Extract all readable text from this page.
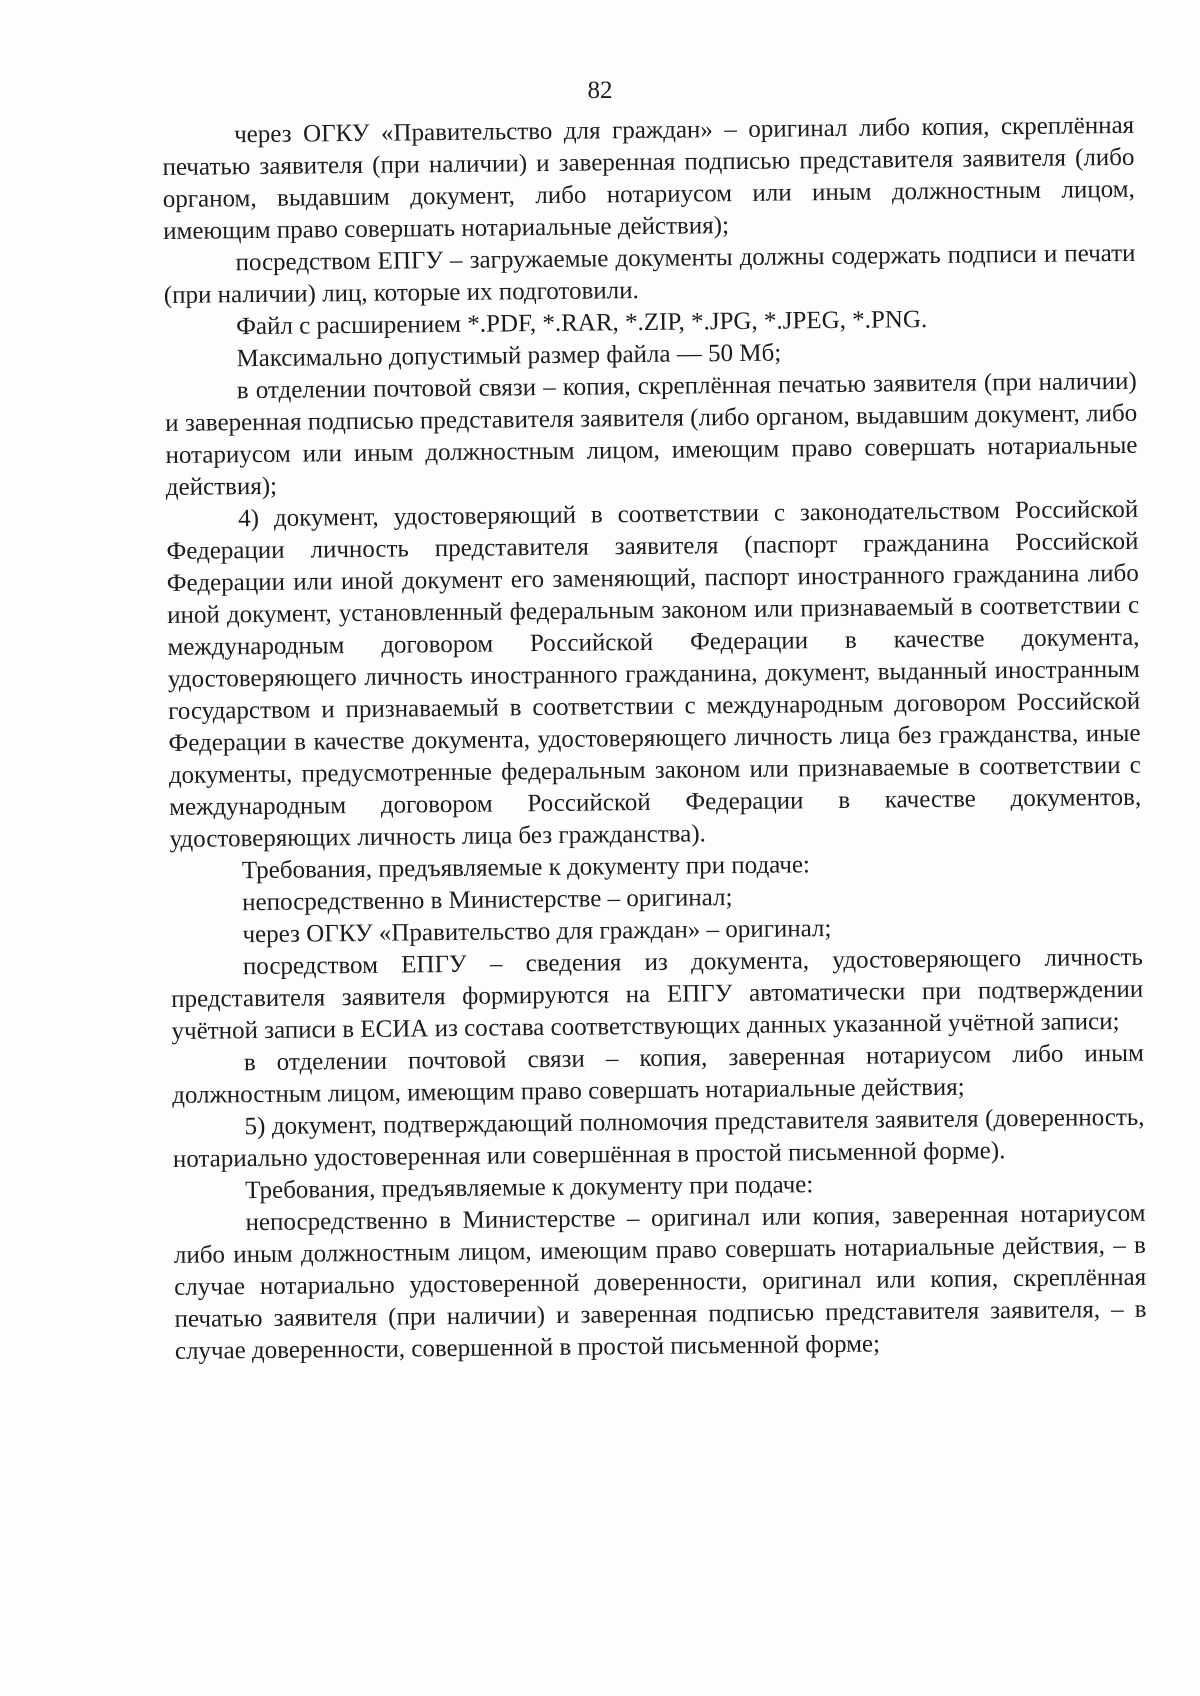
82

через ОГКУ «Правительство для граждан» – оригинал либо копия, скреплённая печатью заявителя (при наличии) и заверенная подписью представителя заявителя (либо органом, выдавшим документ, либо нотариусом или иным должностным лицом, имеющим право совершать нотариальные действия);

посредством ЕПГУ – загружаемые документы должны содержать подписи и печати (при наличии) лиц, которые их подготовили.

Файл с расширением *.PDF, *.RAR, *.ZIP, *.JPG, *.JPEG, *.PNG.

Максимально допустимый размер файла — 50 Мб;

в отделении почтовой связи – копия, скреплённая печатью заявителя (при наличии) и заверенная подписью представителя заявителя (либо органом, выдавшим документ, либо нотариусом или иным должностным лицом, имеющим право совершать нотариальные действия);

4) документ, удостоверяющий в соответствии с законодательством Российской Федерации личность представителя заявителя (паспорт гражданина Российской Федерации или иной документ его заменяющий, паспорт иностранного гражданина либо иной документ, установленный федеральным законом или признаваемый в соответствии с международным договором Российской Федерации в качестве документа, удостоверяющего личность иностранного гражданина, документ, выданный иностранным государством и признаваемый в соответствии с международным договором Российской Федерации в качестве документа, удостоверяющего личность лица без гражданства, иные документы, предусмотренные федеральным законом или признаваемые в соответствии с международным договором Российской Федерации в качестве документов, удостоверяющих личность лица без гражданства).

Требования, предъявляемые к документу при подаче:

непосредственно в Министерстве – оригинал;

через ОГКУ «Правительство для граждан» – оригинал;

посредством ЕПГУ – сведения из документа, удостоверяющего личность представителя заявителя формируются на ЕПГУ автоматически при подтверждении учётной записи в ЕСИА из состава соответствующих данных указанной учётной записи;

в отделении почтовой связи – копия, заверенная нотариусом либо иным должностным лицом, имеющим право совершать нотариальные действия;

5) документ, подтверждающий полномочия представителя заявителя (доверенность, нотариально удостоверенная или совершённая в простой письменной форме).

Требования, предъявляемые к документу при подаче:

непосредственно в Министерстве – оригинал или копия, заверенная нотариусом либо иным должностным лицом, имеющим право совершать нотариальные действия, – в случае нотариально удостоверенной доверенности, оригинал или копия, скреплённая печатью заявителя (при наличии) и заверенная подписью представителя заявителя, – в случае доверенности, совершенной в простой письменной форме;
